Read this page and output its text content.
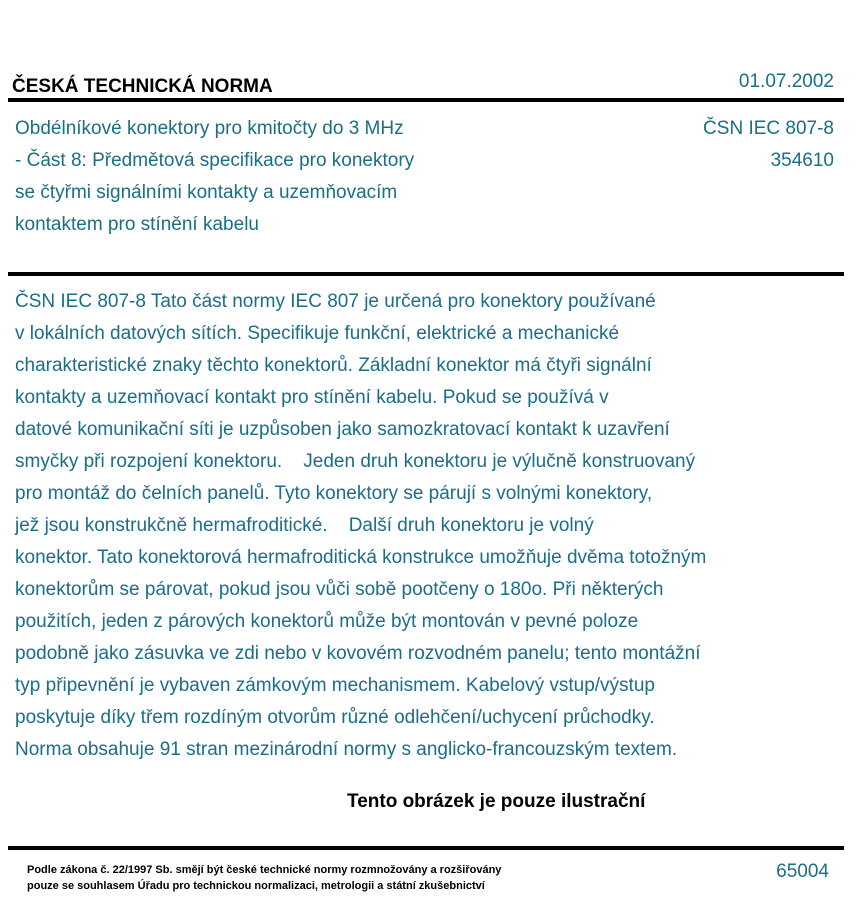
ČESKÁ TECHNICKÁ NORMA	01.07.2002
Obdélníkové konektory pro kmitočty do 3 MHz
- Část 8: Předmětová specifikace pro konektory
se čtyřmi signálními kontakty a uzemňovacím
kontaktem pro stínění kabelu
ČSN IEC 807-8
354610
ČSN IEC 807-8 Tato část normy IEC 807 je určená pro konektory používané
v lokálních datových sítích. Specifikuje funkční, elektrické a mechanické
charakteristické znaky těchto konektorů. Základní konektor má čtyři signální
kontakty a uzemňovací kontakt pro stínění kabelu. Pokud se používá v
datové komunikační síti je uzpůsoben jako samozkratovací kontakt k uzavření
smyčky při rozpojení konektoru.    Jeden druh konektoru je výlučně konstruovaný
pro montáž do čelních panelů. Tyto konektory se párují s volnými konektory,
jež jsou konstrukčně hermafroditické.    Další druh konektoru je volný
konektor. Tato konektorová hermafroditická konstrukce umožňuje dvěma totožným
konektorům se párovat, pokud jsou vůči sobě pootčeny o 180o. Při některých
použitích, jeden z párových konektorů může být montován v pevné poloze
podobně jako zásuvka ve zdi nebo v kovovém rozvodném panelu; tento montážní
typ připevnění je vybaven zámkovým mechanismem. Kabelový vstup/výstup
poskytuje díky třem rozdíným otvorům různé odlehčení/uchycení průchodky.
Norma obsahuje 91 stran mezinárodní normy s anglicko-francouzským textem.
Tento obrázek je pouze ilustrační
Podle zákona č. 22/1997 Sb. smějí být české technické normy rozmnožovány a rozšiřovány
pouze se souhlasem Úřadu pro technickou normalizaci, metrologii a státní zkušebnictví
65004
